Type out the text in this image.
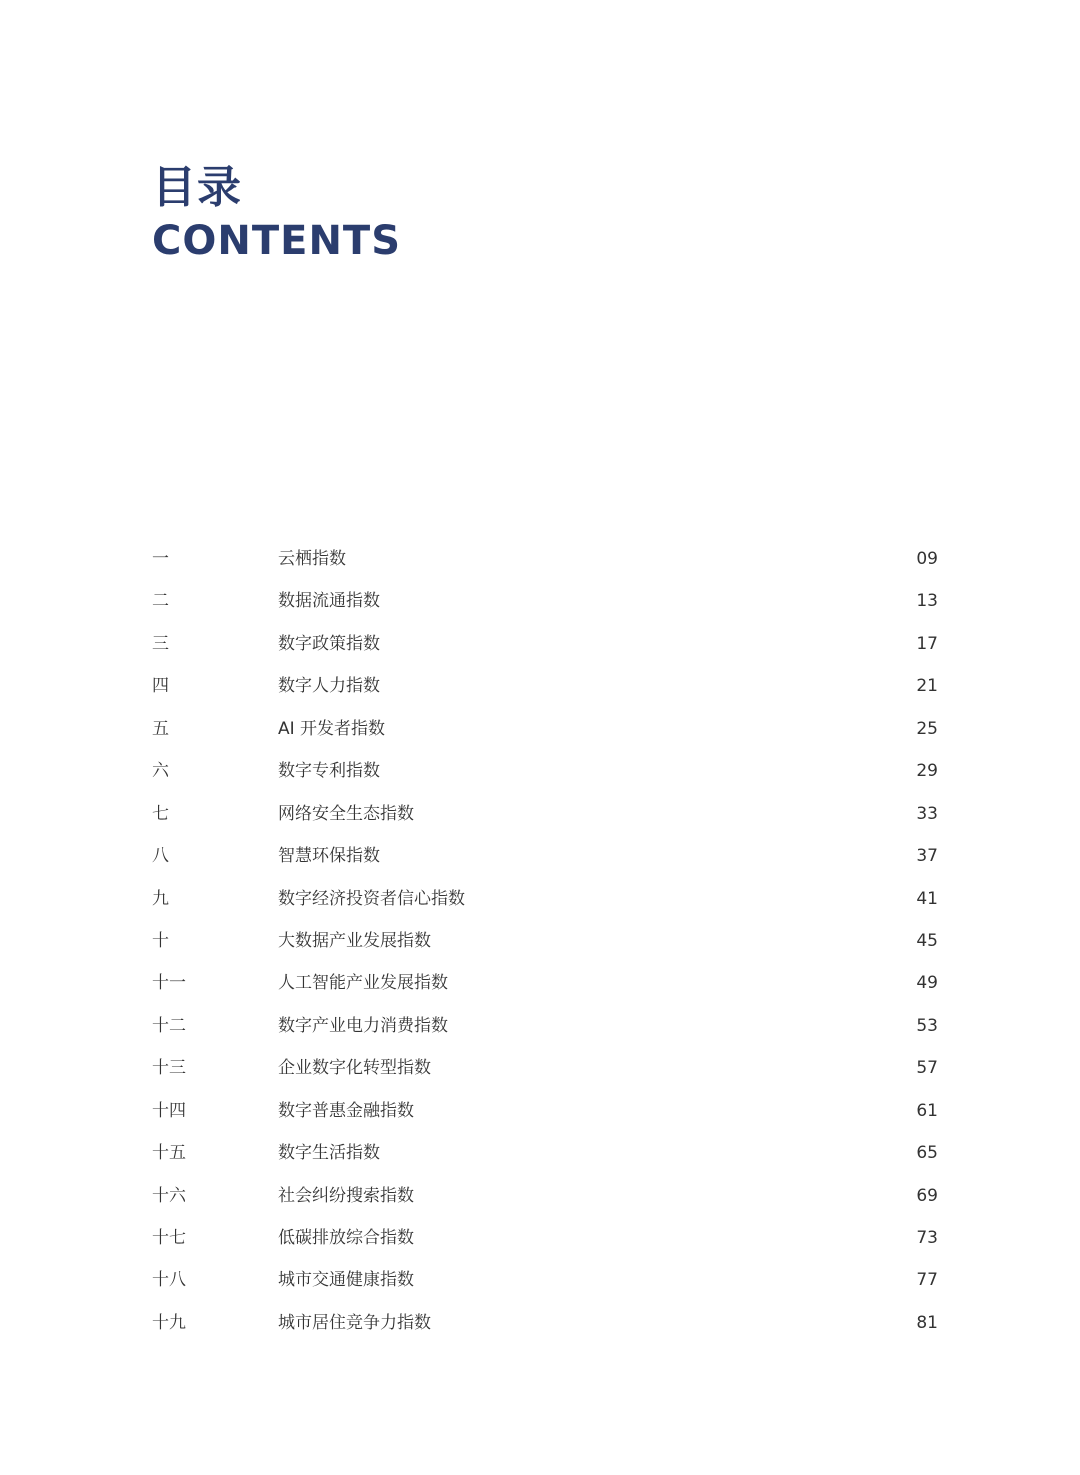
目录
CONTENTS
一	云栖指数	09
二	数据流通指数	13
三	数字政策指数	17
四	数字人力指数	21
五	AI 开发者指数	25
六	数字专利指数	29
七	网络安全生态指数	33
八	智慧环保指数	37
九	数字经济投资者信心指数	41
十	大数据产业发展指数	45
十一	人工智能产业发展指数	49
十二	数字产业电力消费指数	53
十三	企业数字化转型指数	57
十四	数字普惠金融指数	61
十五	数字生活指数	65
十六	社会纠纷搜索指数	69
十七	低碳排放综合指数	73
十八	城市交通健康指数	77
十九	城市居住竞争力指数	81
